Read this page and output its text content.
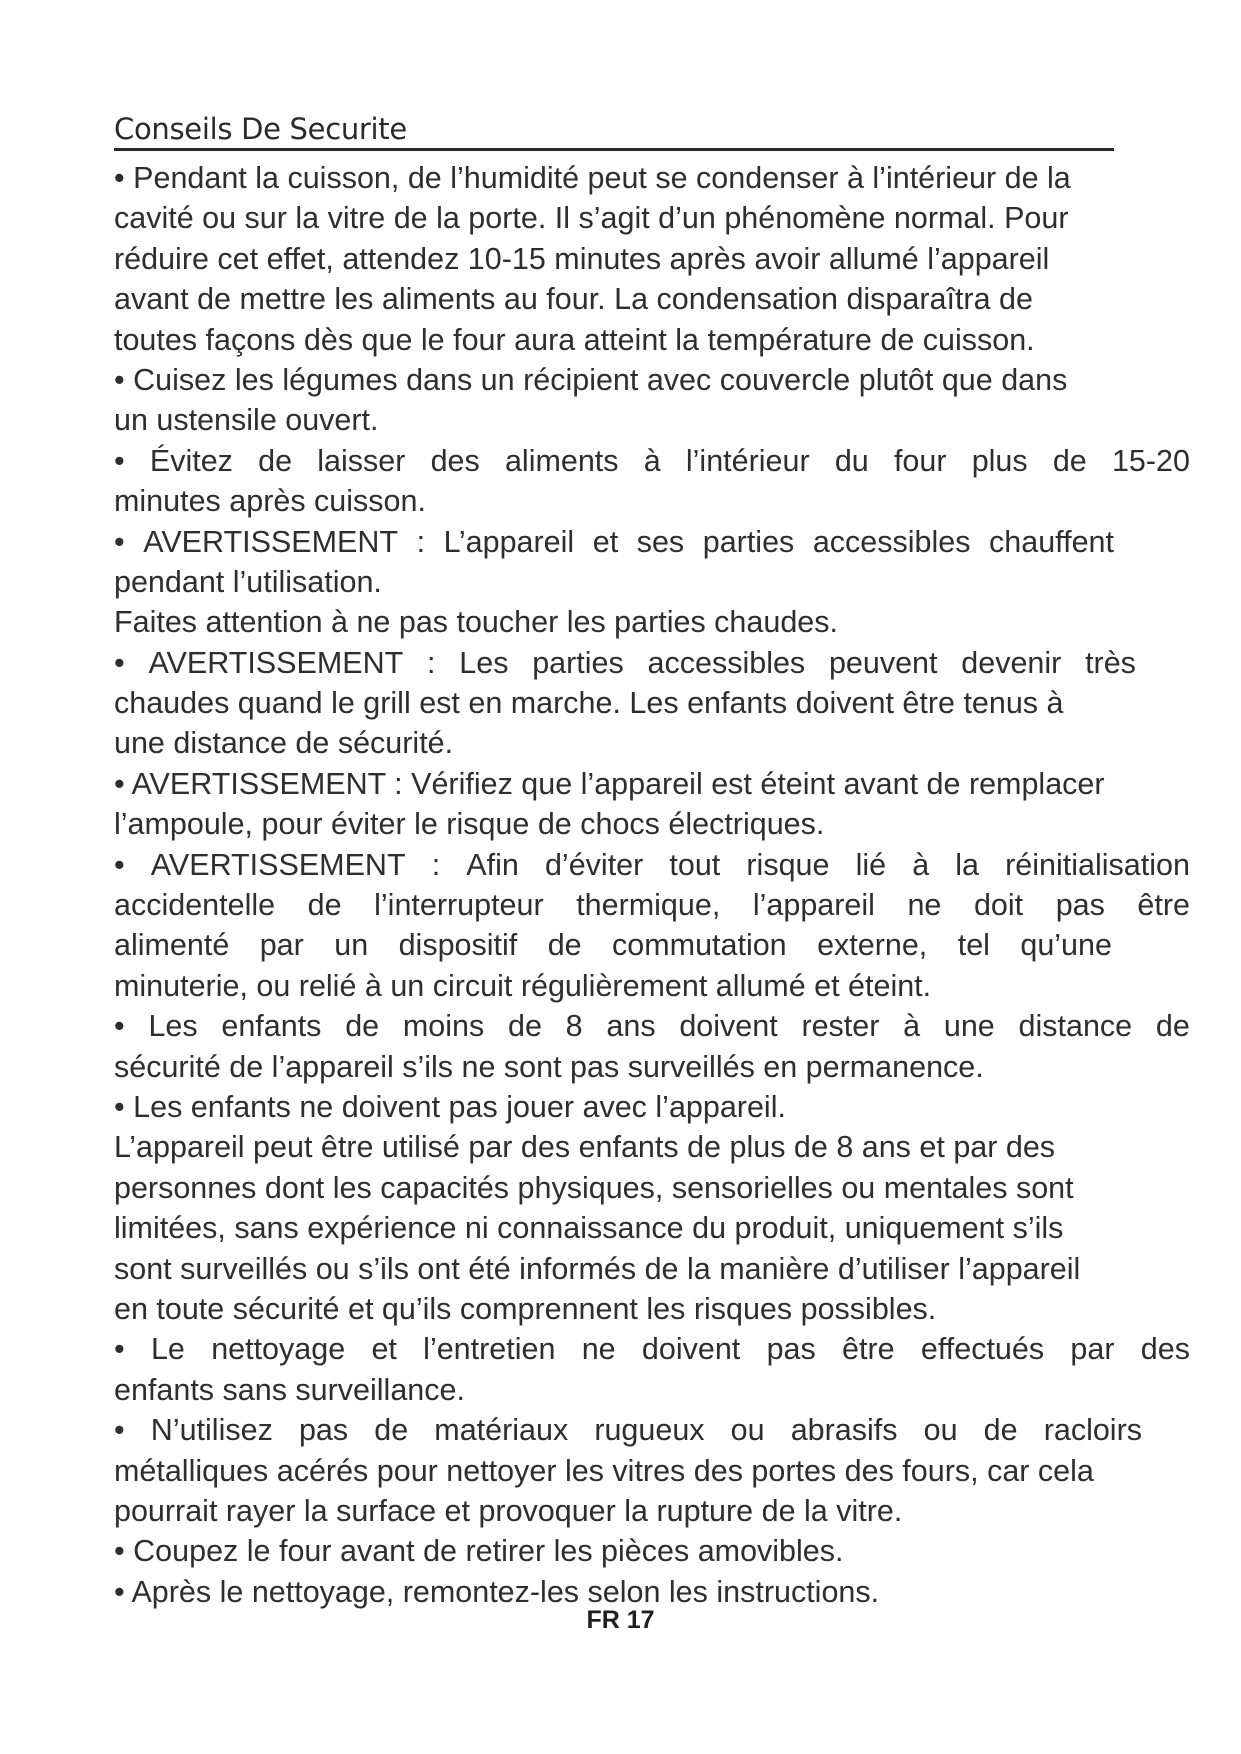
Conseils De Securite
• Pendant la cuisson, de l’humidité peut se condenser à l’intérieur de la
cavité ou sur la vitre de la porte. Il s’agit d’un phénomène normal. Pour
réduire cet effet, attendez 10-15 minutes après avoir allumé l’appareil
avant de mettre les aliments au four. La condensation disparaîtra de
toutes façons dès que le four aura atteint la température de cuisson.
• Cuisez les légumes dans un récipient avec couvercle plutôt que dans
un ustensile ouvert.
• Évitez de laisser des aliments à l’intérieur du four plus de 15-20
minutes après cuisson.
• AVERTISSEMENT : L’appareil et ses parties accessibles chauffent
pendant l’utilisation.
Faites attention à ne pas toucher les parties chaudes.
• AVERTISSEMENT : Les parties accessibles peuvent devenir très
chaudes quand le grill est en marche. Les enfants doivent être tenus à
une distance de sécurité.
• AVERTISSEMENT : Vérifiez que l’appareil est éteint avant de remplacer
l’ampoule, pour éviter le risque de chocs électriques.
• AVERTISSEMENT : Afin d’éviter tout risque lié à la réinitialisation
accidentelle de l’interrupteur thermique, l’appareil ne doit pas être
alimenté par un dispositif de commutation externe, tel qu’une
minuterie, ou relié à un circuit régulièrement allumé et éteint.
• Les enfants de moins de 8 ans doivent rester à une distance de
sécurité de l’appareil s’ils ne sont pas surveillés en permanence.
• Les enfants ne doivent pas jouer avec l’appareil.
L’appareil peut être utilisé par des enfants de plus de 8 ans et par des
personnes dont les capacités physiques, sensorielles ou mentales sont
limitées, sans expérience ni connaissance du produit, uniquement s’ils
sont surveillés ou s’ils ont été informés de la manière d’utiliser l’appareil
en toute sécurité et qu’ils comprennent les risques possibles.
• Le nettoyage et l’entretien ne doivent pas être effectués par des
enfants sans surveillance.
• N’utilisez pas de matériaux rugueux ou abrasifs ou de racloirs
métalliques acérés pour nettoyer les vitres des portes des fours, car cela
pourrait rayer la surface et provoquer la rupture de la vitre.
• Coupez le four avant de retirer les pièces amovibles.
• Après le nettoyage, remontez-les selon les instructions.
FR 17
